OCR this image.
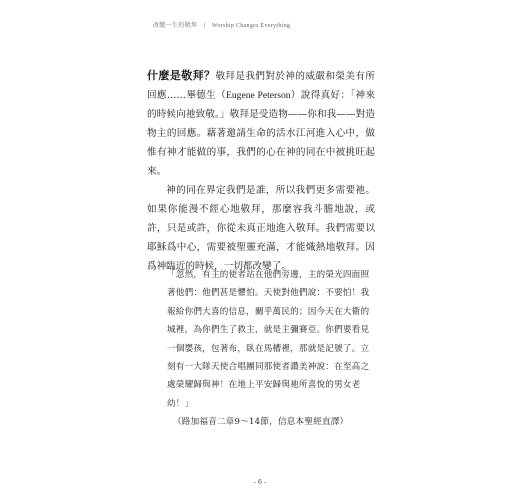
改變一生的敬拜 | Worship Changes Everything

什麼是敬拜？敬拜是我們對於神的威嚴和榮美有所回應……畢德生（Eugene Peterson）說得真好：「神來的時候向祂致敬。」敬拜是受造物——你和我——對造物主的回應。藉著邀請生命的活水江河進入心中，做惟有神才能做的事，我們的心在神的同在中被挑旺起來。

神的同在界定我們是誰，所以我們更多需要祂。如果你能漫不經心地敬拜，那麼容我斗膽地說，或許，只是或許，你從未真正地進入敬拜。我們需要以耶穌爲中心，需要被聖靈充滿，才能熾熱地敬拜。因爲神臨近的時候，一切都改變了。

「忽然，有主的使者站在他們旁邊，主的榮光四面照著他們：他們甚是懼怕。天使對他們說：不要怕！我報給你們大喜的信息，關乎萬民的；因今天在大衛的城裡，為你們生了救主，就是主彌賽亞。你們要看見一個嬰孩，包著布，臥在馬槽裡，那就是記號了。立刻有一大隊天使合唱團同那使者讚美神說：在至高之處榮耀歸與神！在地上平安歸與祂所喜悅的男女老幼！」

（路加福音二章9～14節，信息本聖經直譯）

- 6 -
